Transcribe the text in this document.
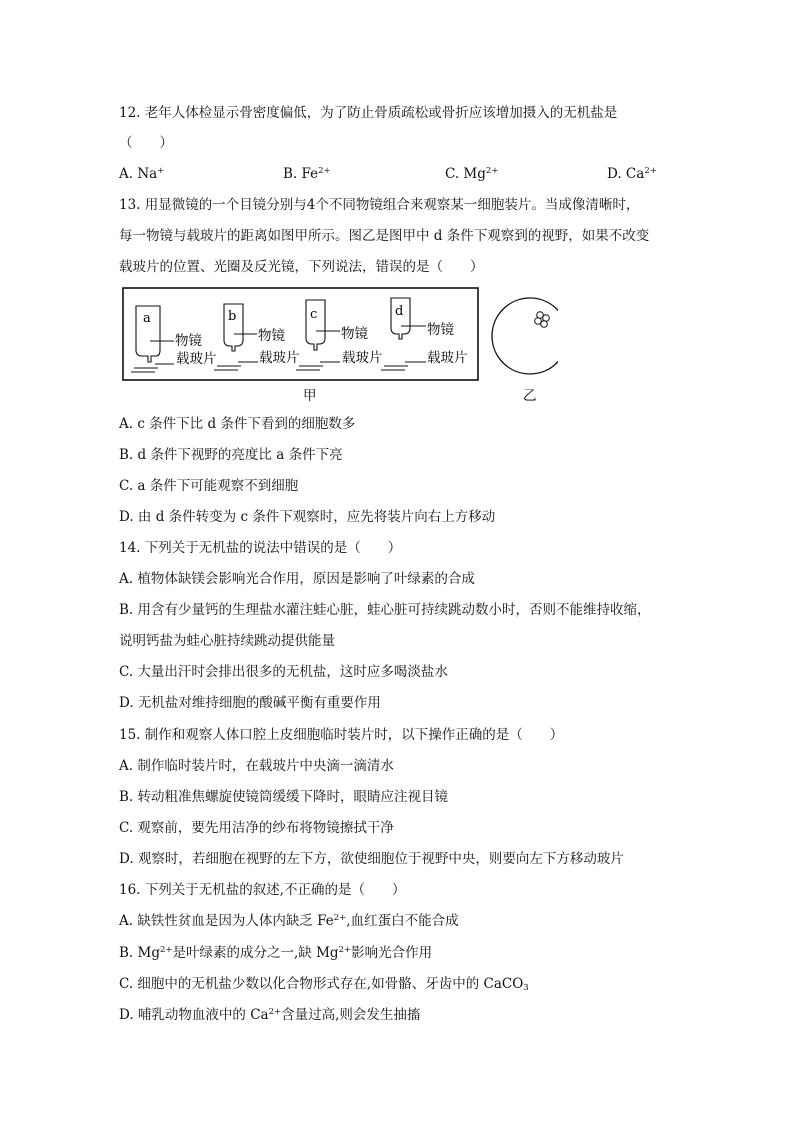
12. 老年人体检显示骨密度偏低，为了防止骨质疏松或骨折应该增加摄入的无机盐是
（　　）
A. Na+	B. $Fe^{2+}$	C. $Mg^{2+}$	D. $Ca^{2+}$
13. 用显微镜的一个目镜分别与4个不同物镜组合来观察某一细胞装片。当成像清晰时，
每一物镜与载玻片的距离如图甲所示。图乙是图甲中 d 条件下观察到的视野，如果不改变
载玻片的位置、光圈及反光镜，下列说法，错误的是（　　）
a
物镜
载玻片
b
物镜
载玻片
c
物镜
载玻片
d
物镜
载玻片
甲	乙
A. c 条件下比 d 条件下看到的细胞数多
B. d 条件下视野的亮度比 a 条件下亮
C. a 条件下可能观察不到细胞
D. 由 d 条件转变为 c 条件下观察时，应先将装片向右上方移动
14. 下列关于无机盐的说法中错误的是（　　）
A. 植物体缺镁会影响光合作用，原因是影响了叶绿素的合成
B. 用含有少量钙的生理盐水灌注蛙心脏，蛙心脏可持续跳动数小时，否则不能维持收缩，
说明钙盐为蛙心脏持续跳动提供能量
C. 大量出汗时会排出很多的无机盐，这时应多喝淡盐水
D. 无机盐对维持细胞的酸碱平衡有重要作用
15. 制作和观察人体口腔上皮细胞临时装片时，以下操作正确的是（　　）
A. 制作临时装片时，在载玻片中央滴一滴清水
B. 转动粗准焦螺旋使镜筒缓缓下降时，眼睛应注视目镜
C. 观察前，要先用洁净的纱布将物镜擦拭干净
D. 观察时，若细胞在视野的左下方，欲使细胞位于视野中央，则要向左下方移动玻片
16. 下列关于无机盐的叙述,不正确的是（　　）
A. 缺铁性贫血是因为人体内缺乏 $Fe^{2+}$,血红蛋白不能合成
B. $Mg^{2+}$是叶绿素的成分之一,缺 $Mg^{2+}$影响光合作用
C. 细胞中的无机盐少数以化合物形式存在,如骨骼、牙齿中的 CaCO$_3$
D. 哺乳动物血液中的 $Ca^{2+}$含量过高,则会发生抽搐
